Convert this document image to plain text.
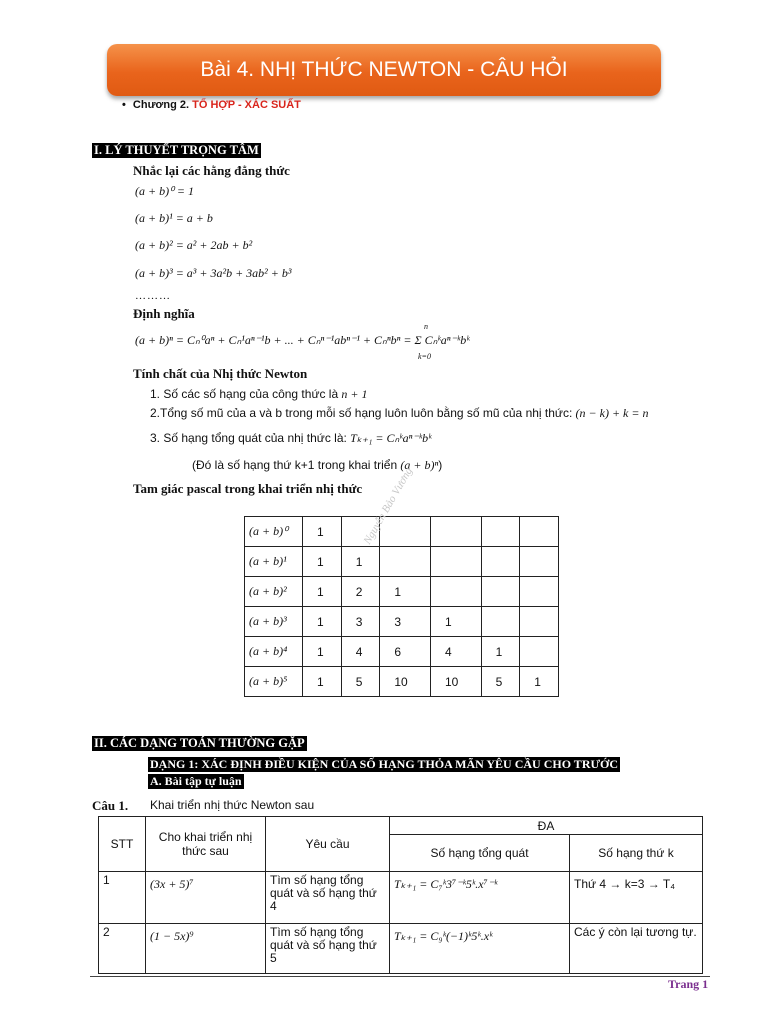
Bài 4. NHỊ THỨC NEWTON - CÂU HỎI
• Chương 2. TỔ HỢP - XÁC SUẤT
I. LÝ THUYẾT TRỌNG TÂM
Nhắc lại các hằng đẳng thức
(a + b)⁰ = 1
(a + b)¹ = a + b
(a + b)² = a² + 2ab + b²
(a + b)³ = a³ + 3a²b + 3ab² + b³
………
Định nghĩa
(a + b)ⁿ = Cₙ⁰aⁿ + Cₙ¹aⁿ⁻¹b + ... + Cₙⁿ⁻¹abⁿ⁻¹ + Cₙⁿbⁿ = Σ Cₙᵏaⁿ⁻ᵏbᵏ
n
k=0
Tính chất của Nhị thức Newton
1. Số các số hạng của công thức là n + 1
2.Tổng số mũ của a và b trong mỗi số hạng luôn luôn bằng số mũ của nhị thức: (n − k) + k = n
3. Số hạng tổng quát của nhị thức là: Tₖ₊₁ = Cₙᵏaⁿ⁻ᵏbᵏ
(Đó là số hạng thứ k+1 trong khai triển (a + b)ⁿ)
Tam giác pascal trong khai triển nhị thức
(a + b)⁰	1					
(a + b)¹	1	1				
(a + b)²	1	2	1			
(a + b)³	1	3	3	1		
(a + b)⁴	1	4	6	4	1	
(a + b)⁵	1	5	10	10	5	1
Nguyễn Bảo Vương
II. CÁC DẠNG TOÁN THƯỜNG GẶP
DẠNG 1: XÁC ĐỊNH ĐIỀU KIỆN CỦA SỐ HẠNG THỎA MÃN YÊU CẦU CHO TRƯỚC
A. Bài tập tự luận
Câu 1. Khai triển nhị thức Newton sau
STT	Cho khai triển nhị thức sau	Yêu cầu	ĐA	
			Số hạng tổng quát	Số hạng thứ k
1	(3x + 5)⁷	Tìm số hạng tổng quát và số hạng thứ 4	Tₖ₊₁ = C₇ᵏ3⁷⁻ᵏ5ᵏ.x⁷⁻ᵏ	Thứ 4 → k=3 → T₄
2	(1 − 5x)⁹	Tìm số hạng tổng quát và số hạng thứ 5	Tₖ₊₁ = C₉ᵏ(−1)ᵏ5ᵏ.xᵏ	Các ý còn lại tương tự.
Trang 1
